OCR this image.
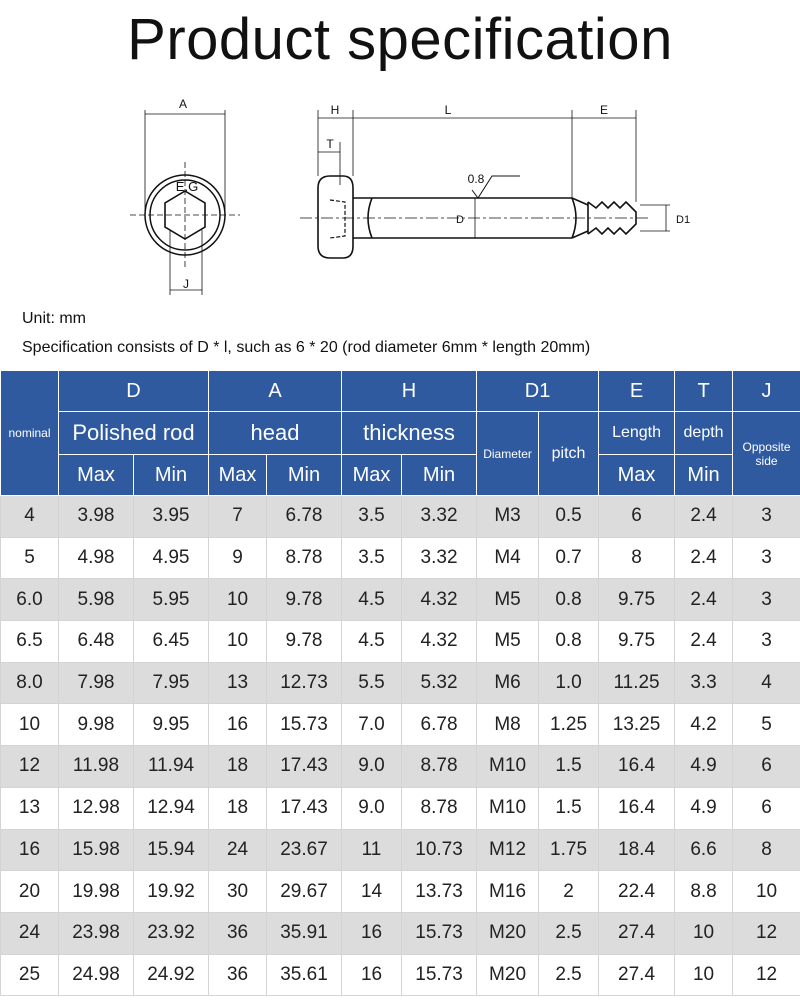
Product specification
A
E.G
J
H	L	E
T
0.8
D	D1
Unit: mm
Specification consists of D * l, such as 6 * 20 (rod diameter 6mm * length 20mm)
nominal	D		A		H		D1		E	T	J
	Polished rod		head		thickness		Diameter	pitch	Length	depth	Opposite side
	Max	Min	Max	Min	Max	Min			Max	Min	
4	3.98	3.95	7	6.78	3.5	3.32	M3	0.5	6	2.4	3
5	4.98	4.95	9	8.78	3.5	3.32	M4	0.7	8	2.4	3
6.0	5.98	5.95	10	9.78	4.5	4.32	M5	0.8	9.75	2.4	3
6.5	6.48	6.45	10	9.78	4.5	4.32	M5	0.8	9.75	2.4	3
8.0	7.98	7.95	13	12.73	5.5	5.32	M6	1.0	11.25	3.3	4
10	9.98	9.95	16	15.73	7.0	6.78	M8	1.25	13.25	4.2	5
12	11.98	11.94	18	17.43	9.0	8.78	M10	1.5	16.4	4.9	6
13	12.98	12.94	18	17.43	9.0	8.78	M10	1.5	16.4	4.9	6
16	15.98	15.94	24	23.67	11	10.73	M12	1.75	18.4	6.6	8
20	19.98	19.92	30	29.67	14	13.73	M16	2	22.4	8.8	10
24	23.98	23.92	36	35.91	16	15.73	M20	2.5	27.4	10	12
25	24.98	24.92	36	35.61	16	15.73	M20	2.5	27.4	10	12
